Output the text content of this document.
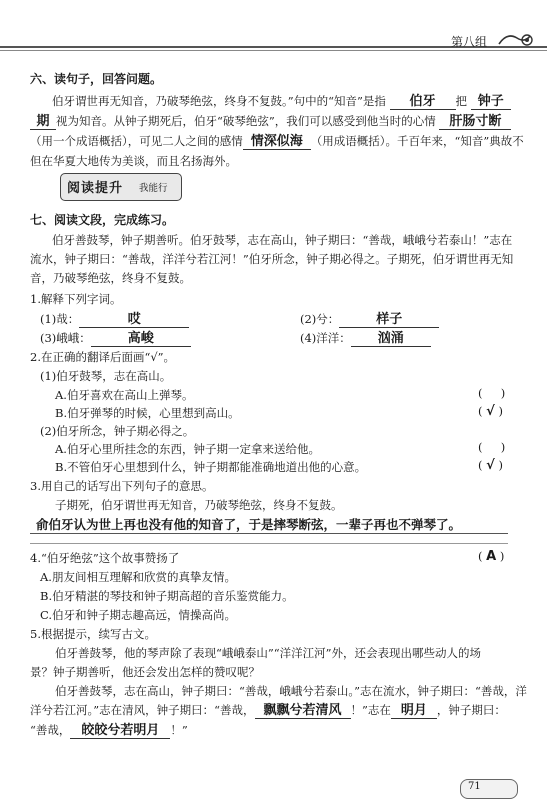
第八组
六、读句子，回答问题。
伯牙谓世再无知音，乃破琴绝弦，终身不复鼓。”句中的“知音”是指 伯牙 把 钟子
期 视为知音。从钟子期死后，伯牙“破琴绝弦”，我们可以感受到他当时的心情 肝肠寸断
（用一个成语概括），可见二人之间的感情 情深似海 （用成语概括）。千百年来，“知音”典故不
但在华夏大地传为美谈，而且名扬海外。
阅读提升 我能行
七、阅读文段，完成练习。
伯牙善鼓琴，钟子期善听。伯牙鼓琴，志在高山，钟子期曰：“善哉，峨峨兮若泰山！”志在
流水，钟子期曰：“善哉，洋洋兮若江河！”伯牙所念，钟子期必得之。子期死，伯牙谓世再无知
音，乃破琴绝弦，终身不复鼓。
1.解释下列字词。
(1)哉：	哎	(2)兮：	样子
(3)峨峨：	高峻	(4)洋洋： 汹涌
2.在正确的翻译后面画“√”。
(1)伯牙鼓琴，志在高山。
A.伯牙喜欢在高山上弹琴。	(     )
B.伯牙弹琴的时候，心里想到高山。	( √ )
(2)伯牙所念，钟子期必得之。
A.伯牙心里所挂念的东西，钟子期一定拿来送给他。	(     )
B.不管伯牙心里想到什么，钟子期都能准确地道出他的心意。	( √ )
3.用自己的话写出下列句子的意思。
子期死，伯牙谓世再无知音，乃破琴绝弦，终身不复鼓。
俞伯牙认为世上再也没有他的知音了，于是摔琴断弦，一辈子再也不弹琴了。
4.“伯牙绝弦”这个故事赞扬了	( A )
A.朋友间相互理解和欣赏的真挚友情。
B.伯牙精湛的琴技和钟子期高超的音乐鉴赏能力。
C.伯牙和钟子期志趣高远，情操高尚。
5.根据提示，续写古文。
伯牙善鼓琴，他的琴声除了表现“峨峨泰山”“洋洋江河”外，还会表现出哪些动人的场
景？钟子期善听，他还会发出怎样的赞叹呢？
伯牙善鼓琴，志在高山，钟子期曰：“善哉，峨峨兮若泰山。”志在流水，钟子期曰：“善哉，洋
洋兮若江河。”志在清风，钟子期曰：“善哉， 飘飘兮若清风 ！”志在 明月 ，钟子期曰：
“善哉， 皎皎兮若明月 ！”
71
